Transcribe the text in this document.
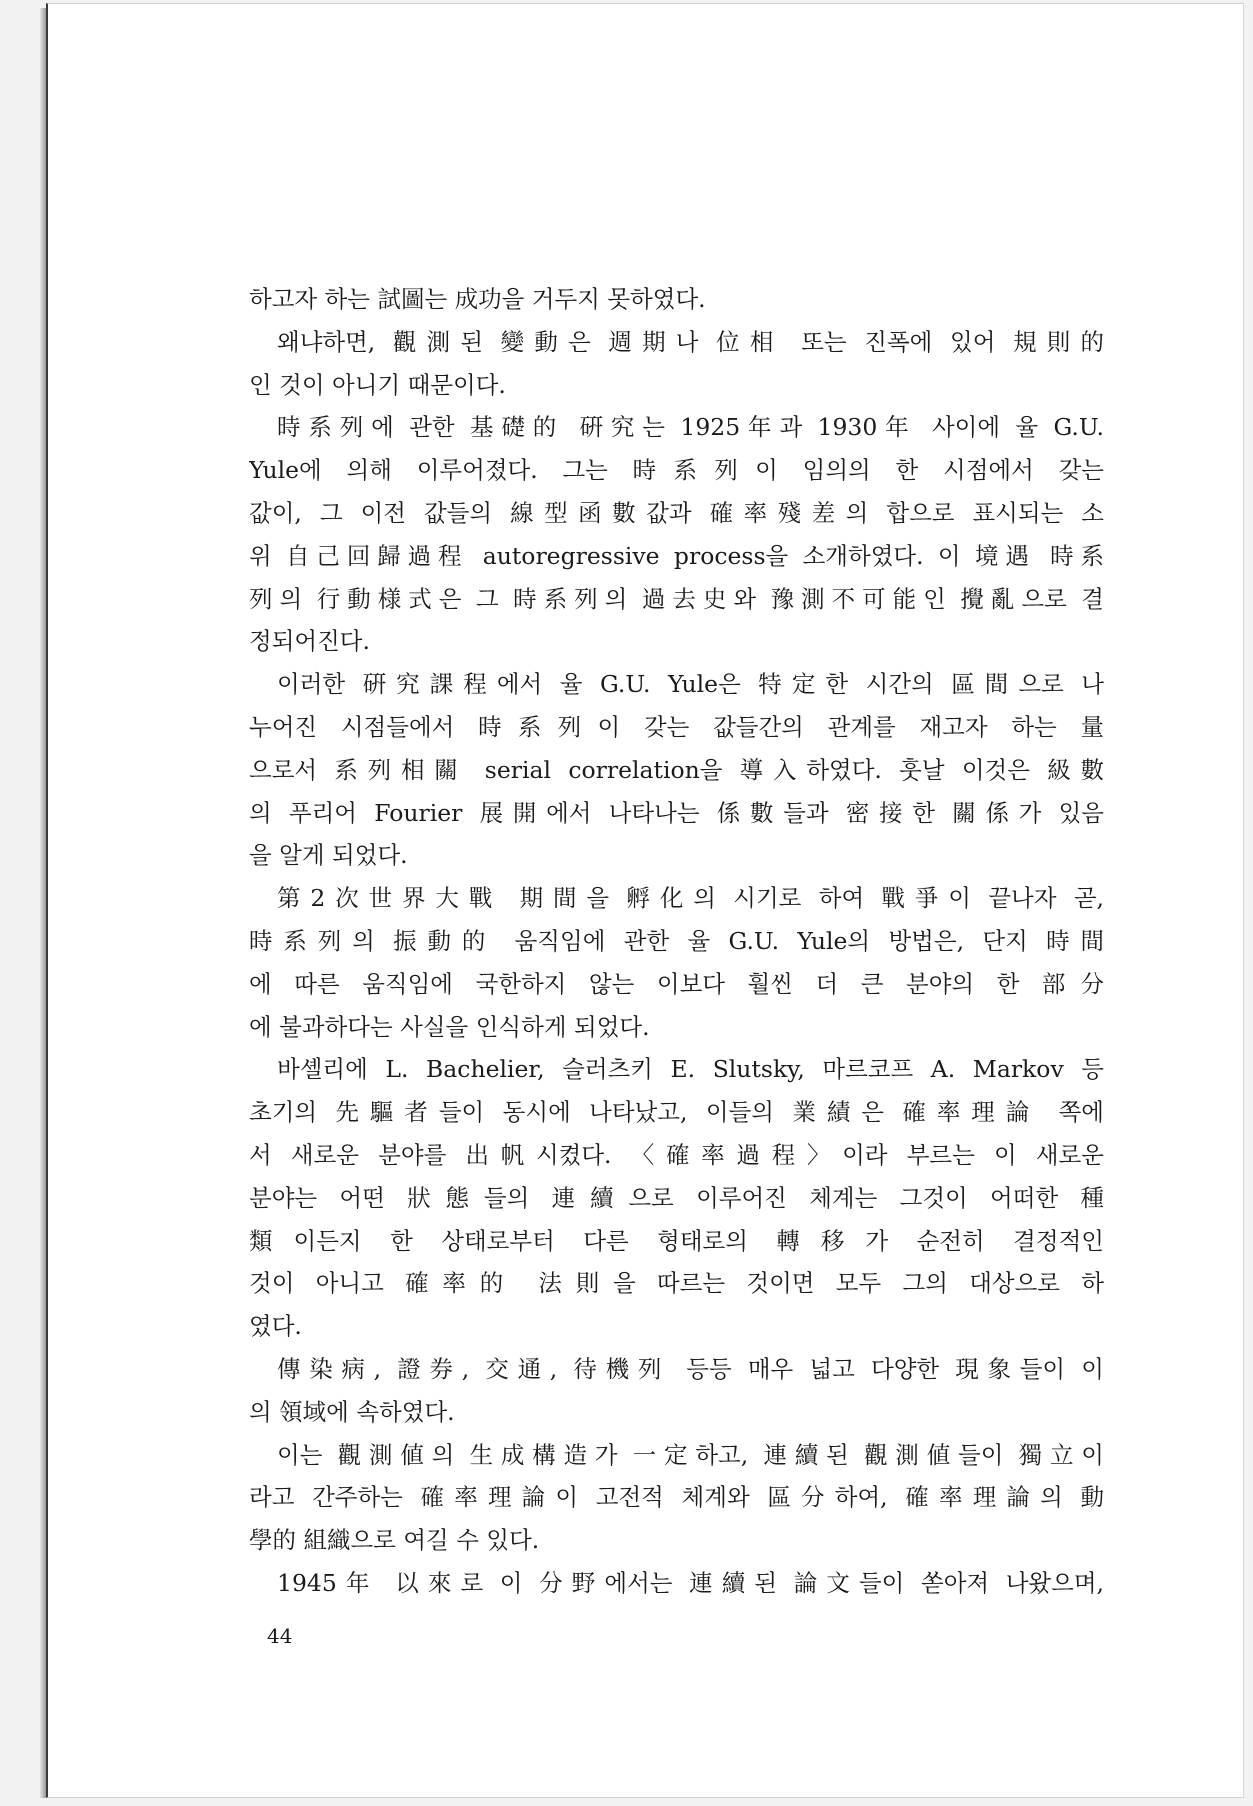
하고자 하는 試圖는 成功을 거두지 못하였다.
왜냐하면, 觀測된 變動은 週期나 位相 또는 진폭에 있어 規則的
인 것이 아니기 때문이다.
時系列에 관한 基礎的 硏究는 1925年과 1930年 사이에 율 G.U.
Yule에 의해 이루어졌다. 그는 時系列이 임의의 한 시점에서 갖는
값이, 그 이전 값들의 線型函數값과 確率殘差의 합으로 표시되는 소
위 自己回歸過程 autoregressive process을 소개하였다. 이 境遇 時系
列의 行動様式은 그 時系列의 過去史와 豫測不可能인 攪亂으로 결
정되어진다.
이러한 硏究課程에서 율 G.U. Yule은 特定한 시간의 區間으로 나
누어진 시점들에서 時系列이 갖는 값들간의 관계를 재고자 하는 量
으로서 系列相關 serial correlation을 導入하였다. 훗날 이것은 級數
의 푸리어 Fourier 展開에서 나타나는 係數들과 密接한 關係가 있음
을 알게 되었다.
第2次世界大戰 期間을 孵化의 시기로 하여 戰爭이 끝나자 곧,
時系列의 振動的 움직임에 관한 율 G.U. Yule의 방법은, 단지 時間
에 따른 움직임에 국한하지 않는 이보다 훨씬 더 큰 분야의 한 部分
에 불과하다는 사실을 인식하게 되었다.
바셸리에 L. Bachelier, 슬러츠키 E. Slutsky, 마르코프 A. Markov 등
초기의 先驅者들이 동시에 나타났고, 이들의 業績은 確率理論 쪽에
서 새로운 분야를 出帆시켰다. 〈確率過程〉이라 부르는 이 새로운
분야는 어떤 狀態들의 連續으로 이루어진 체계는 그것이 어떠한 種
類이든지 한 상태로부터 다른 형태로의 轉移가 순전히 결정적인
것이 아니고 確率的 法則을 따르는 것이면 모두 그의 대상으로 하
였다.
傳染病, 證券, 交通, 待機列 등등 매우 넓고 다양한 現象들이 이
의 領域에 속하였다.
이는 觀測値의 生成構造가 一定하고, 連續된 觀測値들이 獨立이
라고 간주하는 確率理論이 고전적 체계와 區分하여, 確率理論의 動
學的 組織으로 여길 수 있다.
1945年 以來로 이 分野에서는 連續된 論文들이 쏟아져 나왔으며,
44
